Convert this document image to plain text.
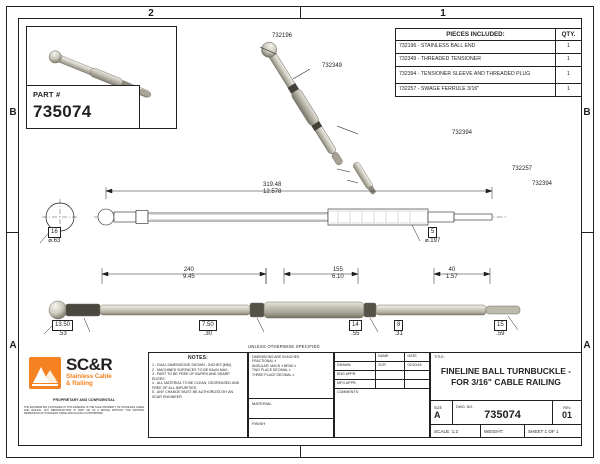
2	1
B
A
B
A
PIECES INCLUDED:	QTY.
732196 - STAINLESS BALL END	1
732349 - THREADED TENSIONER	1
732394 - TENSIONER SLEEVE AND THREADED PLUG	1
732257 - SWAGE FERRULE 3/16"	1
PART #
735074
732196
732349
732394
732257
732394
319.48
12.578
16
⌀.63
5
⌀.197
240
9.45
155
6.10
40
1.57
13.50
.53
7.50
.30
14
.55
8
.31
15
.59
SC&R
Stainless Cable
& Railing
PROPRIETARY AND CONFIDENTIAL
THE INFORMATION CONTAINED IN THIS DRAWING IS THE SOLE PROPERTY OF STAINLESS CABLE AND RAILING. ANY REPRODUCTION IN PART OR AS A WHOLE WITHOUT THE WRITTEN PERMISSION OF STAINLESS CABLE AND RAILING IS PROHIBITED.
NOTES:
1 . DUAL DIMENSIONS SHOWN - INCHES [MM].
2 . MACHINED SURFACES TO BE 63uIN MAX.
3 . PART TO BE FREE OF BURRS AND SHARP EDGES.
4 . ALL MATERIAL TO BE CLEAN, DEGREASED AND FREE OF ALL IMPURITIES.
5 . ANY CHANGE MUST BE AUTHORIZED BY AN SC&R ENGINEER.
UNLESS OTHERWISE SPECIFIED
DIMENSIONS ARE IN INCHES
FRACTIONAL ±
ANGULAR: MACH ± BEND ±
TWO PLACE DECIMAL ±
THREE PLACE DECIMAL ±
MATERIAL
FINISH
NAME	DATE
DRAWN	SCR	02/20/18
ENG APPR.
MFG APPR.
COMMENTS:
TITLE:
FINELINE BALL TURNBUCKLE - FOR 3/16" CABLE RAILING
SIZE
A
DWG. NO.
735074
REV
01
SCALE: 1:2	WEIGHT:	SHEET 1 OF 1
